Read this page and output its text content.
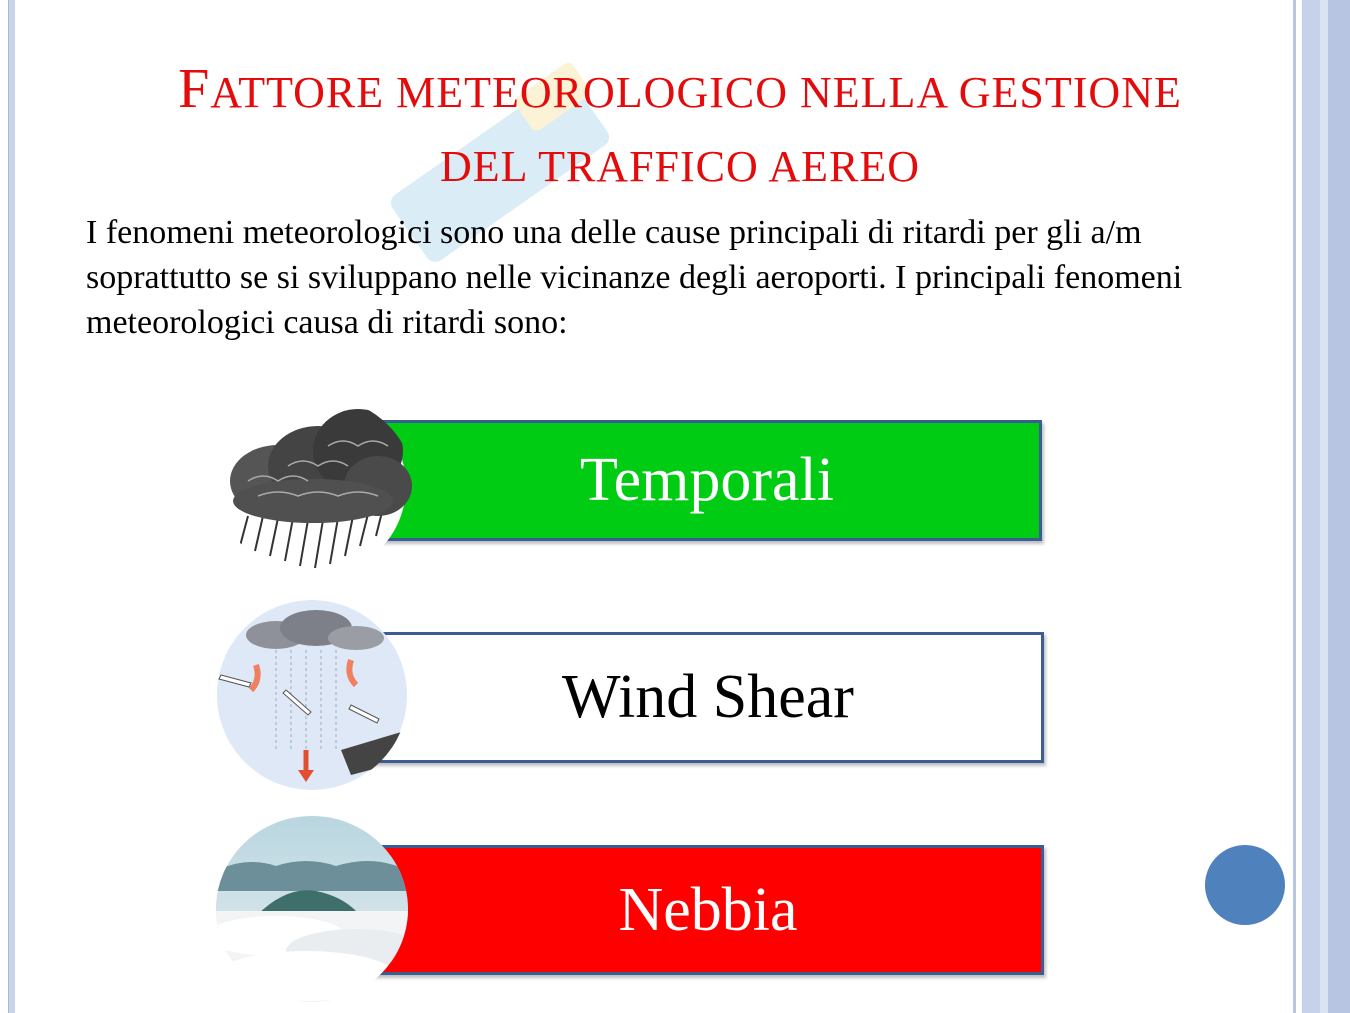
FATTORE METEOROLOGICO NELLA GESTIONE
DEL TRAFFICO AEREO
I fenomeni meteorologici sono una delle cause principali di ritardi per gli a/m soprattutto se si sviluppano nelle vicinanze degli aeroporti. I principali fenomeni meteorologici causa di ritardi sono:
Temporali
Wind Shear
Nebbia
